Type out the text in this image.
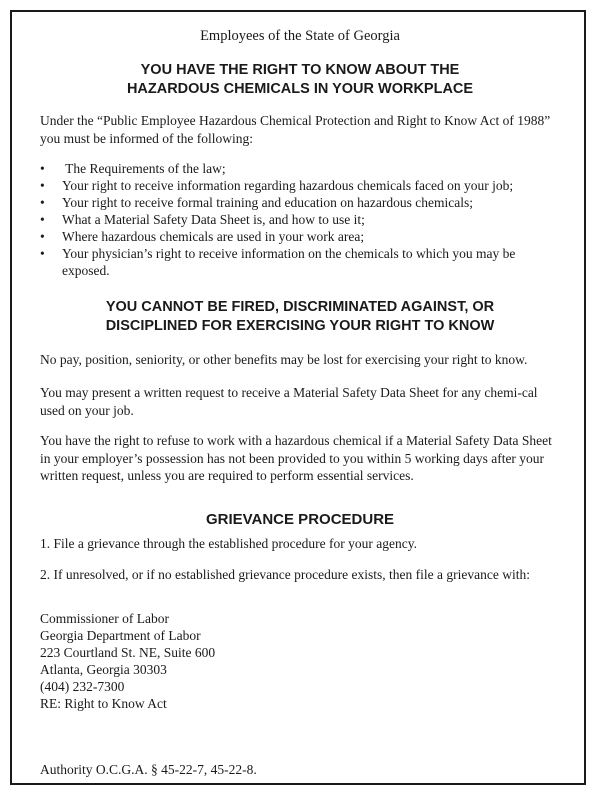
Employees of the State of Georgia

YOU HAVE THE RIGHT TO KNOW ABOUT THE
HAZARDOUS CHEMICALS IN YOUR WORKPLACE

Under the “Public Employee Hazardous Chemical Protection and Right to Know Act of 1988” you must be informed of the following:

• The Requirements of the law;
• Your right to receive information regarding hazardous chemicals faced on your job;
• Your right to receive formal training and education on hazardous chemicals;
• What a Material Safety Data Sheet is, and how to use it;
• Where hazardous chemicals are used in your work area;
• Your physician’s right to receive information on the chemicals to which you may be exposed.
YOU CANNOT BE FIRED, DISCRIMINATED AGAINST, OR
DISCIPLINED FOR EXERCISING YOUR RIGHT TO KNOW

No pay, position, seniority, or other benefits may be lost for exercising your right to know.

You may present a written request to receive a Material Safety Data Sheet for any chemi-cal used on your job.

You have the right to refuse to work with a hazardous chemical if a Material Safety Data Sheet in your employer’s possession has not been provided to you within 5 working days after your written request, unless you are required to perform essential services.

GRIEVANCE PROCEDURE

1. File a grievance through the established procedure for your agency.

2. If unresolved, or if no established grievance procedure exists, then file a grievance with:

Commissioner of Labor
Georgia Department of Labor
223 Courtland St. NE, Suite 600
Atlanta, Georgia 30303
(404) 232-7300
RE: Right to Know Act

Authority O.C.G.A. § 45-22-7, 45-22-8.
